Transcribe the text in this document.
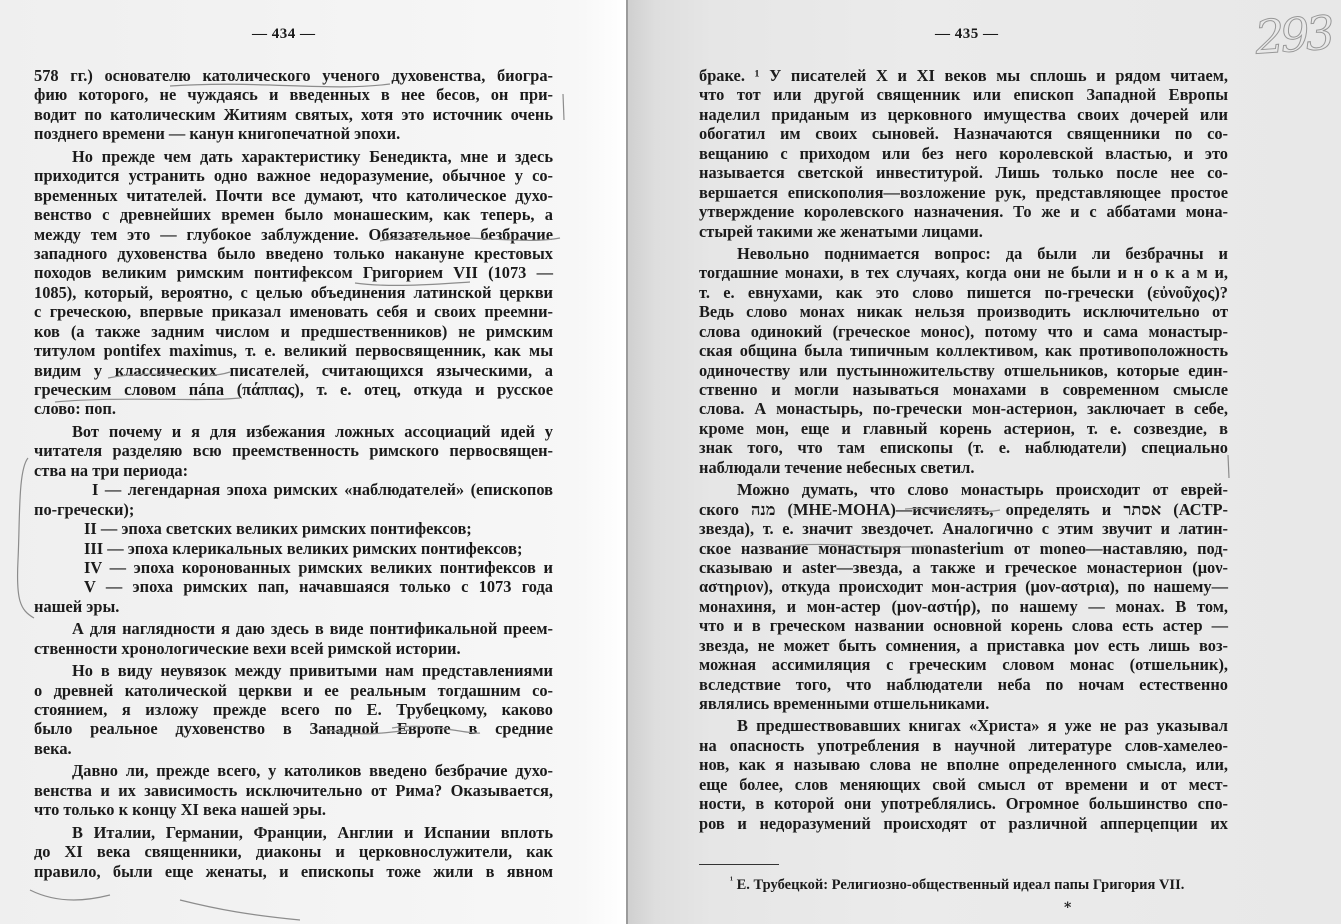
— 434 —
578 гг.) основателю католического ученого духовенства, биогра-
фию которого, не чуждаясь и введенных в нее бесов, он при-
водит по католическим Житиям святых, хотя это источник очень
позднего времени — канун книгопечатной эпохи.
Но прежде чем дать характеристику Бенедикта, мне и здесь
приходится устранить одно важное недоразумение, обычное у со-
временных читателей. Почти все думают, что католическое духо-
венство с древнейших времен было монашеским, как теперь, а
между тем это — глубокое заблуждение. Обязательное безбрачие
западного духовенства было введено только накануне крестовых
походов великим римским понтифексом Григорием VII (1073 —
1085), который, вероятно, с целью объединения латинской церкви
с греческою, впервые приказал именовать себя и своих преемни-
ков (а также задним числом и предшественников) не римским
титулом pontifex maximus, т. е. великий первосвященник, как мы
видим у классических писателей, считающихся языческими, а
греческим словом пáпа (πάππας), т. е. отец, откуда и русское
слово: поп.
Вот почему и я для избежания ложных ассоциаций идей у
читателя разделяю всю преемственность римского первосвящен-
ства на три периода:
I — легендарная эпоха римских «наблюдателей» (епископов
по-гречески);
II — эпоха светских великих римских понтифексов;
III — эпоха клерикальных великих римских понтифексов;
IV — эпоха коронованных римских великих понтифексов и
V — эпоха римских пап, начавшаяся только с 1073 года
нашей эры.
А для наглядности я даю здесь в виде понтификальной преем-
ственности хронологические вехи всей римской истории.
Но в виду неувязок между привитыми нам представлениями
о древней католической церкви и ее реальным тогдашним со-
стоянием, я изложу прежде всего по Е. Трубецкому, каково
было реальное духовенство в Западной Европе в средние
века.
Давно ли, прежде всего, у католиков введено безбрачие духо-
венства и их зависимость исключительно от Рима? Оказывается,
что только к концу XI века нашей эры.
В Италии, Германии, Франции, Англии и Испании вплоть
до XI века священники, диаконы и церковнослужители, как
правило, были еще женаты, и епископы тоже жили в явном
— 435 —
браке. ¹ У писателей X и XI веков мы сплошь и рядом читаем,
что тот или другой священник или епископ Западной Европы
наделил приданым из церковного имущества своих дочерей или
обогатил им своих сыновей. Назначаются священники по со-
вещанию с приходом или без него королевской властью, и это
называется светской инвеститурой. Лишь только после нее со-
вершается епискополия—возложение рук, представляющее простое
утверждение королевского назначения. То же и с аббатами мона-
стырей такими же женатыми лицами.
Невольно поднимается вопрос: да были ли безбрачны и
тогдашние монахи, в тех случаях, когда они не были и н о к а м и,
т. е. евнухами, как это слово пишется по-гречески (εὐνοῦχος)?
Ведь слово монах никак нельзя производить исключительно от
слова одинокий (греческое монос), потому что и сама монастыр-
ская община была типичным коллективом, как противоположность
одиночеству или пустынножительству отшельников, которые един-
ственно и могли называться монахами в современном смысле
слова. А монастырь, по-гречески мон-астерион, заключает в себе,
кроме мон, еще и главный корень астерион, т. е. созвездие, в
знак того, что там епископы (т. е. наблюдатели) специально
наблюдали течение небесных светил.
Можно думать, что слово монастырь происходит от еврей-
ского מנה (МНЕ-МОНА)—исчислять, определять и אסתר (АСТР-
звезда), т. е. значит звездочет. Аналогично с этим звучит и латин-
ское название монастыря monasterium от moneo—наставляю, под-
сказываю и aster—звезда, а также и греческое монастерион (μον-
αστηριον), откуда происходит мон-астрия (μον-αστρια), по нашему—
монахиня, и мон-астер (μον-αστήρ), по нашему — монах. В том,
что и в греческом названии основной корень слова есть астер —
звезда, не может быть сомнения, а приставка μον есть лишь воз-
можная ассимиляция с греческим словом монас (отшельник),
вследствие того, что наблюдатели неба по ночам естественно
являлись временными отшельниками.
В предшествовавших книгах «Христа» я уже не раз указывал
на опасность употребления в научной литературе слов-хамелео-
нов, как я называю слова не вполне определенного смысла, или,
еще более, слов меняющих свой смысл от времени и от мест-
ности, в которой они употреблялись. Огромное большинство спо-
ров и недоразумений происходят от различной апперцепции их
$^{^1}$ Е. Трубецкой: Религиозно-общественный идеал папы Григория VII.
*
293
